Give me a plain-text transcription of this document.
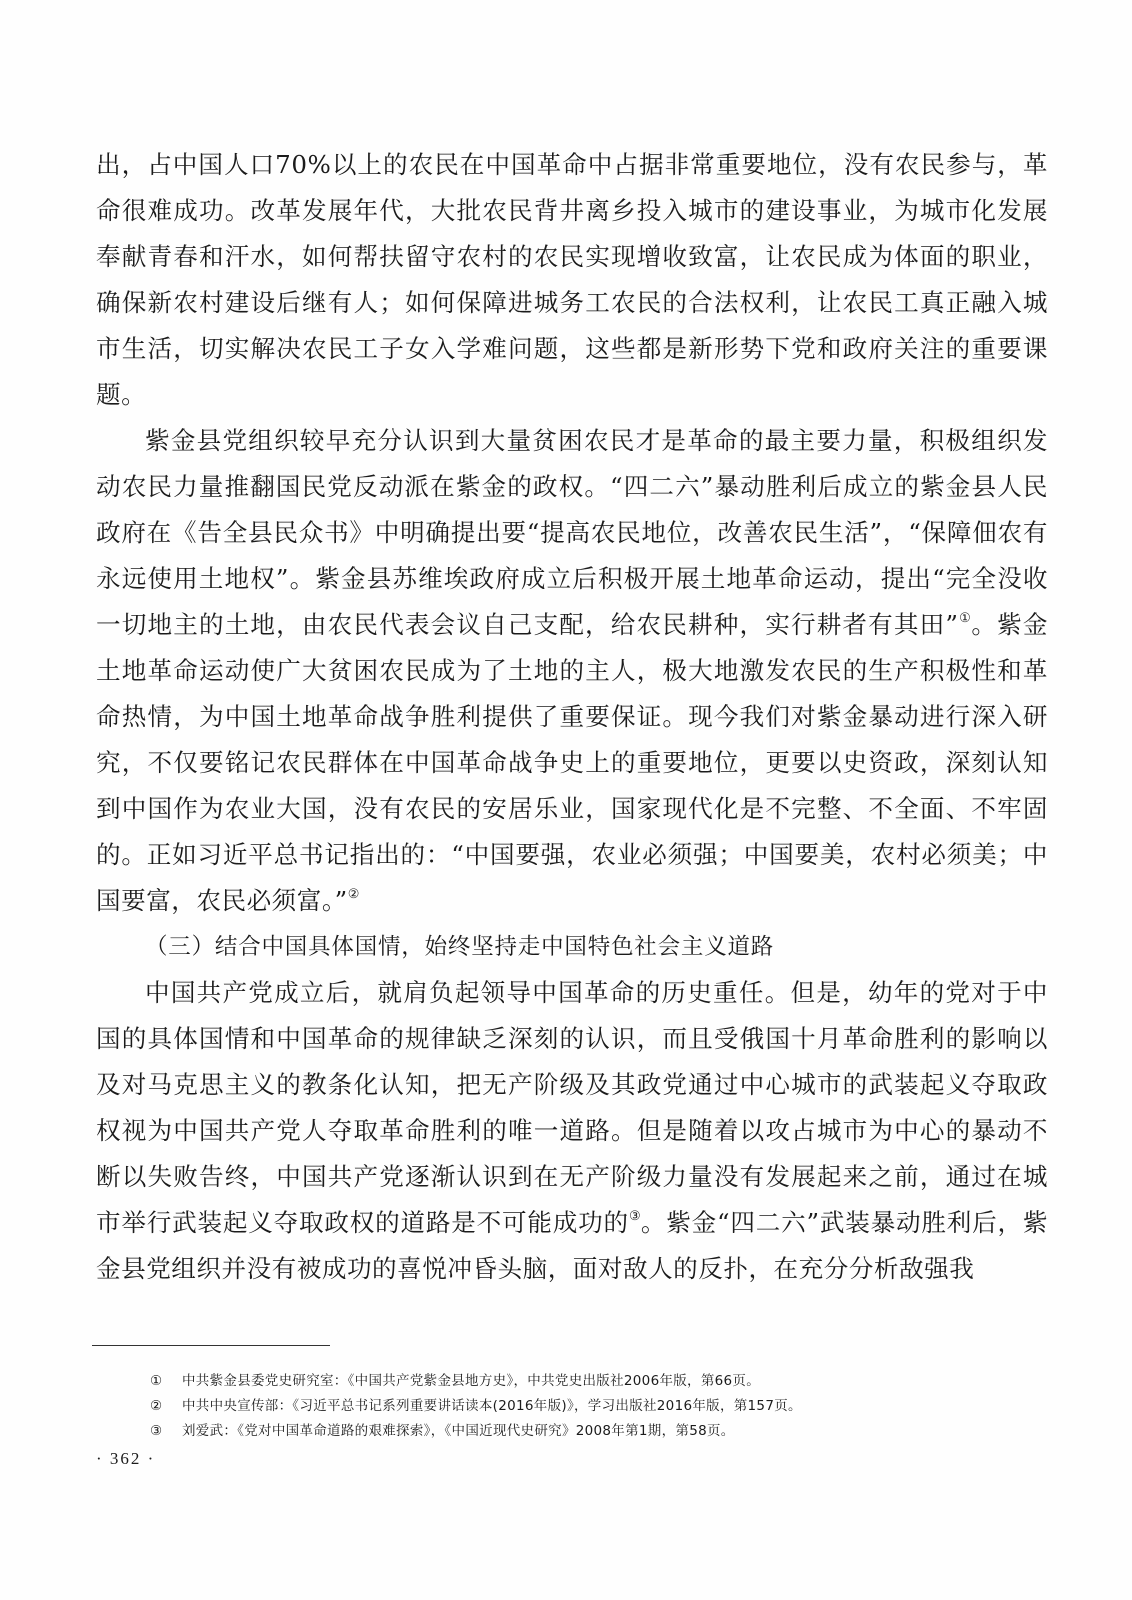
出，占中国人口70%以上的农民在中国革命中占据非常重要地位，没有农民参与，革命很难成功。改革发展年代，大批农民背井离乡投入城市的建设事业，为城市化发展奉献青春和汗水，如何帮扶留守农村的农民实现增收致富，让农民成为体面的职业，确保新农村建设后继有人；如何保障进城务工农民的合法权利，让农民工真正融入城市生活，切实解决农民工子女入学难问题，这些都是新形势下党和政府关注的重要课题。

紫金县党组织较早充分认识到大量贫困农民才是革命的最主要力量，积极组织发动农民力量推翻国民党反动派在紫金的政权。“四二六”暴动胜利后成立的紫金县人民政府在《告全县民众书》中明确提出要“提高农民地位，改善农民生活”，“保障佃农有永远使用土地权”。紫金县苏维埃政府成立后积极开展土地革命运动，提出“完全没收一切地主的土地，由农民代表会议自己支配，给农民耕种，实行耕者有其田”①。紫金土地革命运动使广大贫困农民成为了土地的主人，极大地激发农民的生产积极性和革命热情，为中国土地革命战争胜利提供了重要保证。现今我们对紫金暴动进行深入研究，不仅要铭记农民群体在中国革命战争史上的重要地位，更要以史资政，深刻认知到中国作为农业大国，没有农民的安居乐业，国家现代化是不完整、不全面、不牢固的。正如习近平总书记指出的：“中国要强，农业必须强；中国要美，农村必须美；中国要富，农民必须富。”②

（三）结合中国具体国情，始终坚持走中国特色社会主义道路

中国共产党成立后，就肩负起领导中国革命的历史重任。但是，幼年的党对于中国的具体国情和中国革命的规律缺乏深刻的认识，而且受俄国十月革命胜利的影响以及对马克思主义的教条化认知，把无产阶级及其政党通过中心城市的武装起义夺取政权视为中国共产党人夺取革命胜利的唯一道路。但是随着以攻占城市为中心的暴动不断以失败告终，中国共产党逐渐认识到在无产阶级力量没有发展起来之前，通过在城市举行武装起义夺取政权的道路是不可能成功的③。紫金“四二六”武装暴动胜利后，紫金县党组织并没有被成功的喜悦冲昏头脑，面对敌人的反扑，在充分分析敌强我

① 中共紫金县委党史研究室：《中国共产党紫金县地方史》，中共党史出版社2006年版，第66页。

② 中共中央宣传部：《习近平总书记系列重要讲话读本(2016年版)》，学习出版社2016年版，第157页。

③ 刘爱武：《党对中国革命道路的艰难探索》，《中国近现代史研究》2008年第1期，第58页。

· 362 ·
